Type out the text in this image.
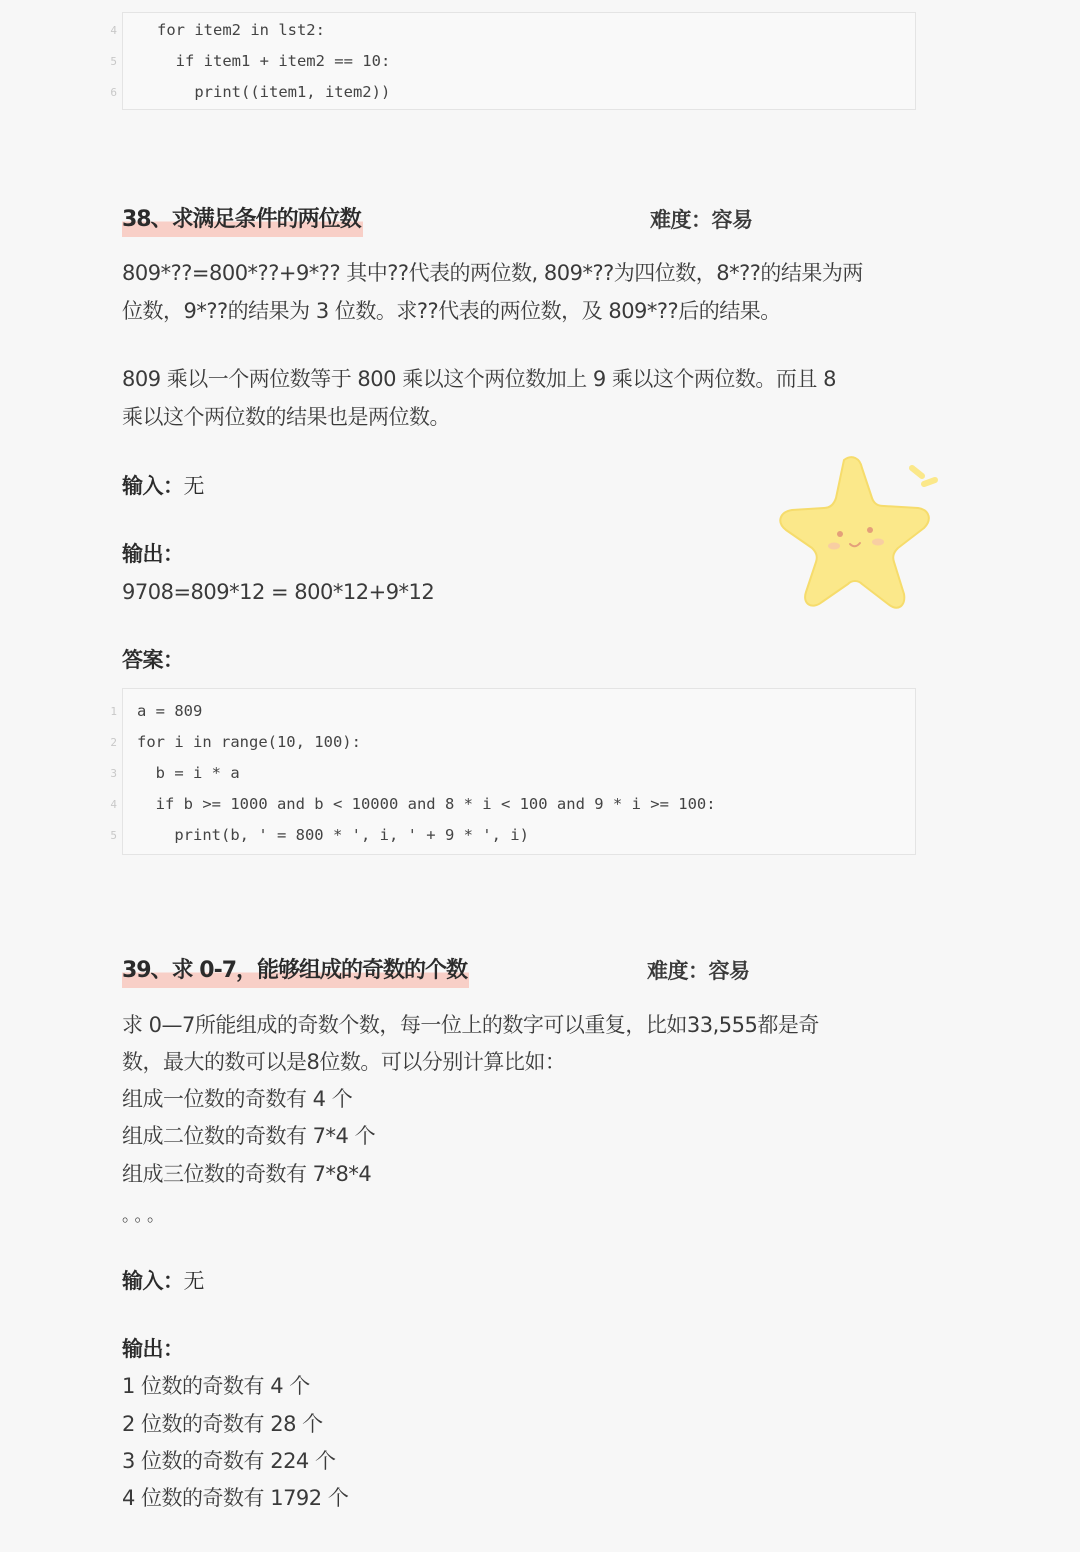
4	for item2 in lst2:
5	if item1 + item2 == 10:
6	print((item1, item2))
38、求满足条件的两位数	难度：容易
809*??=800*??+9*?? 其中??代表的两位数, 809*??为四位数，8*??的结果为两
位数，9*??的结果为 3 位数。求??代表的两位数，及 809*??后的结果。
809 乘以一个两位数等于 800 乘以这个两位数加上 9 乘以这个两位数。而且 8
乘以这个两位数的结果也是两位数。
输入：无
输出：
9708=809*12 = 800*12+9*12
答案：
1 a = 809
2 for i in range(10, 100):
3 b = i * a
4 if b >= 1000 and b < 10000 and 8 * i < 100 and 9 * i >= 100:
5 print(b, ' = 800 * ', i, ' + 9 * ', i)
39、求 0-7，能够组成的奇数的个数	难度：容易
求 0—7所能组成的奇数个数，每一位上的数字可以重复，比如33,555都是奇
数，最大的数可以是8位数。可以分别计算比如：
组成一位数的奇数有 4 个
组成二位数的奇数有 7*4 个
组成三位数的奇数有 7*8*4
。。。
输入：无
输出：
1 位数的奇数有 4 个
2 位数的奇数有 28 个
3 位数的奇数有 224 个
4 位数的奇数有 1792 个
